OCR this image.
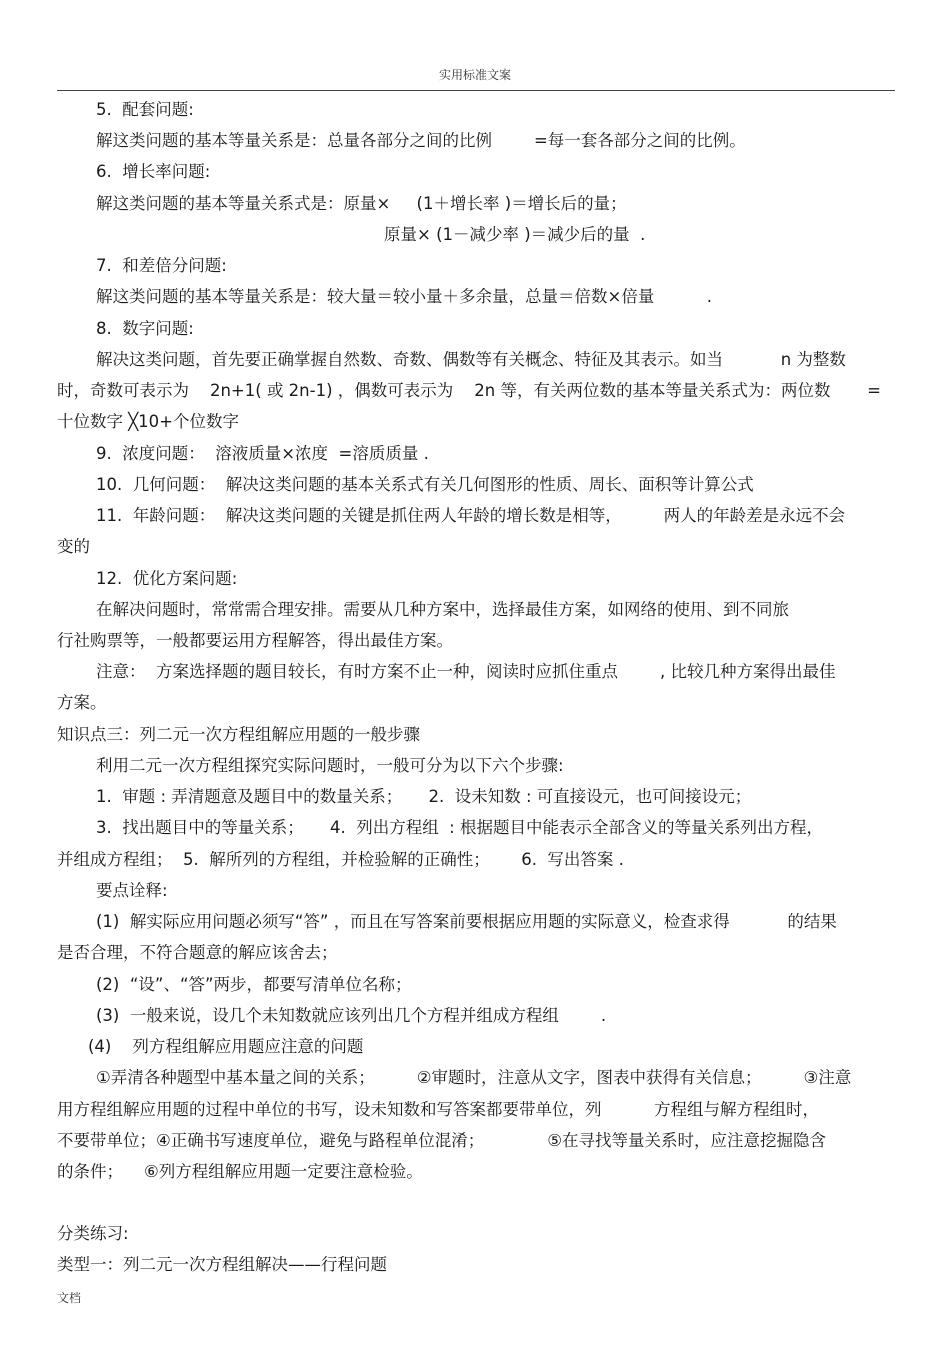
实用标准文案
5.  配套问题:
解这类问题的基本等量关系是：总量各部分之间的比例        =每一套各部分之间的比例。
6.  增长率问题:
解这类问题的基本等量关系式是：原量×     (1＋增长率 )＝增长后的量；
原量× (1－减少率 )＝减少后的量  .
7.  和差倍分问题:
解这类问题的基本等量关系是：较大量＝较小量＋多余量，总量＝倍数×倍量          .
8.  数字问题:
解决这类问题，首先要正确掌握自然数、奇数、偶数等有关概念、特征及其表示。如当           n 为整数
时，奇数可表示为    2n+1( 或 2n-1) ，偶数可表示为    2n 等，有关两位数的基本等量关系式为：两位数       =
十位数字 ╳10+个位数字
9.  浓度问题：  溶液质量×浓度  =溶质质量 .
10.  几何问题：  解决这类问题的基本关系式有关几何图形的性质、周长、面积等计算公式
11.  年龄问题：  解决这类问题的关键是抓住两人年龄的增长数是相等，        两人的年龄差是永远不会
变的
12.  优化方案问题:
在解决问题时，常常需合理安排。需要从几种方案中，选择最佳方案，如网络的使用、到不同旅
行社购票等，一般都要运用方程解答，得出最佳方案。
注意：  方案选择题的题目较长，有时方案不止一种，阅读时应抓住重点        , 比较几种方案得出最佳
方案。
知识点三：列二元一次方程组解应用题的一般步骤
利用二元一次方程组探究实际问题时，一般可分为以下六个步骤:
1.  审题 : 弄清题意及题目中的数量关系；     2.  设未知数 : 可直接设元，也可间接设元；
3.  找出题目中的等量关系；     4.  列出方程组  : 根据题目中能表示全部含义的等量关系列出方程，
并组成方程组；  5.  解所列的方程组，并检验解的正确性；      6.  写出答案 .
要点诠释:
(1)  解实际应用问题必须写“答” ，而且在写答案前要根据应用题的实际意义，检查求得           的结果
是否合理，不符合题意的解应该舍去；
(2)  “设”、“答”两步，都要写清单位名称；
(3)  一般来说，设几个未知数就应该列出几个方程并组成方程组        .
(4)    列方程组解应用题应注意的问题
①弄清各种题型中基本量之间的关系；        ②审题时，注意从文字，图表中获得有关信息；        ③注意
用方程组解应用题的过程中单位的书写，设未知数和写答案都要带单位，列          方程组与解方程组时，
不要带单位；④正确书写速度单位，避免与路程单位混淆；            ⑤在寻找等量关系时，应注意挖掘隐含
的条件；    ⑥列方程组解应用题一定要注意检验。
分类练习:
类型一：列二元一次方程组解决——行程问题
文档
